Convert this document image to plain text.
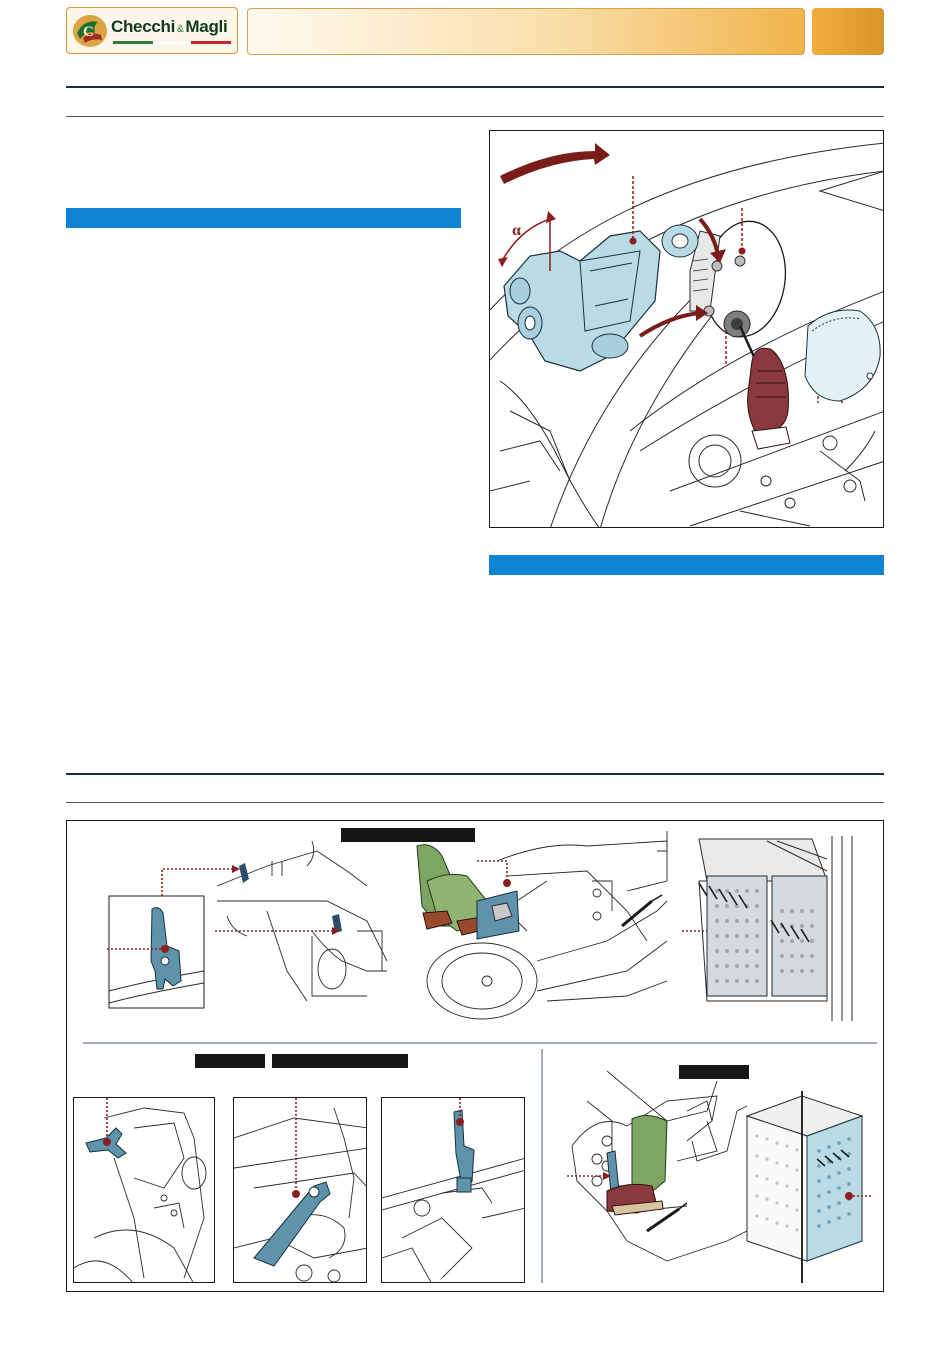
C Checchi & Magli
α
